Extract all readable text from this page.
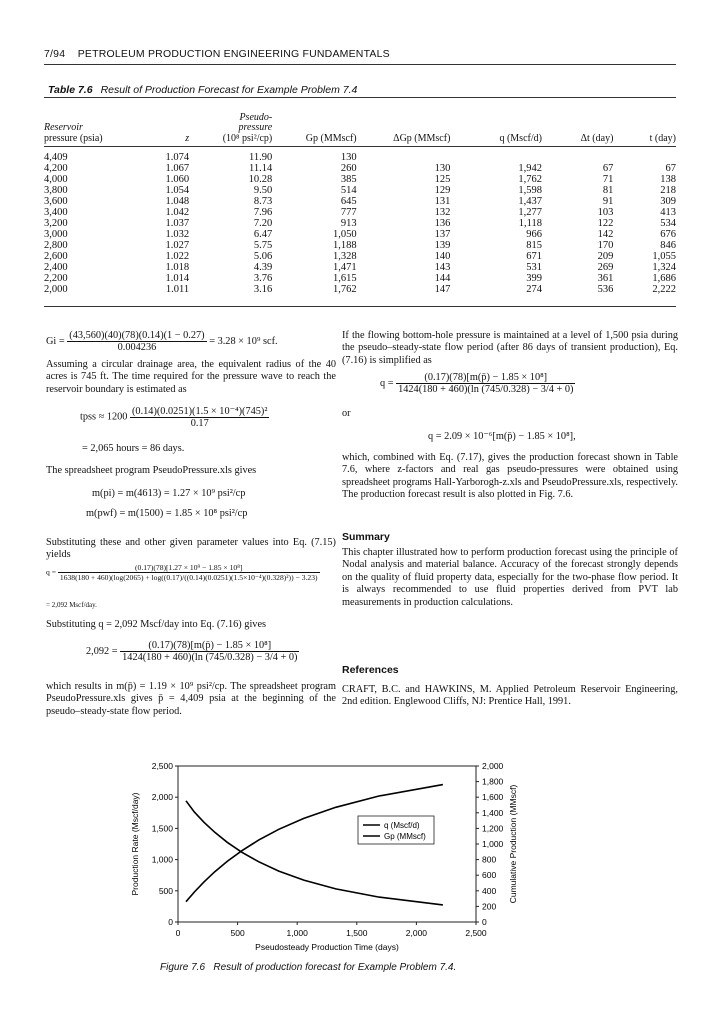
7/94    PETROLEUM PRODUCTION ENGINEERING FUNDAMENTALS
Table 7.6 Result of Production Forecast for Example Problem 7.4
Reservoir
pressure (psia)	z	Pseudo-
pressure
(10⁸ psi²/cp)	Gp (MMscf)	ΔGp (MMscf)	q (Mscf/d)	Δt (day)	t (day)

4,409	1.074	11.90	130				
4,200	1.067	11.14	260	130	1,942	67	67
4,000	1.060	10.28	385	125	1,762	71	138
3,800	1.054	9.50	514	129	1,598	81	218
3,600	1.048	8.73	645	131	1,437	91	309
3,400	1.042	7.96	777	132	1,277	103	413
3,200	1.037	7.20	913	136	1,118	122	534
3,000	1.032	6.47	1,050	137	966	142	676
2,800	1.027	5.75	1,188	139	815	170	846
2,600	1.022	5.06	1,328	140	671	209	1,055
2,400	1.018	4.39	1,471	143	531	269	1,324
2,200	1.014	3.76	1,615	144	399	361	1,686
2,000	1.011	3.16	1,762	147	274	536	2,222
$Gi = \frac{(43,560)(40)(78)(0.14)(1 - 0.27)}{0.004236} = 3.28 \times 10^9$ scf.
Assuming a circular drainage area, the equivalent radius of the 40 acres is 745 ft. The time required for the pressure wave to reach the reservoir boundary is estimated as
tpss ≈ $1200 \frac{\text{(0.14)(0.0251)(1.5 × 10⁻⁴)(745)²}}{0.17}$
= 2,065 hours = 86 days.
The spreadsheet program PseudoPressure.xls gives
m(pi) = m(4613) = 1.27 × 10⁹ psi²/cp
m(pwf) = m(1500) = 1.85 × 10⁸ psi²/cp
Substituting these and other given parameter values into Eq. (7.15) yields
q =	(0.17)(78)[1.27 × 10⁹ − 1.85 × 10⁸]
1638(180 + 460)(log(2065) + log((0.17)/((0.14)(0.0251)(1.5×10⁻⁴)(0.328)²)) − 3.23)
= 2,092 Mscf/day.
Substituting q = 2,092 Mscf/day into Eq. (7.16) gives
$2,092 = \frac{\text{(0.17)(78)[m(p̄) − 1.85 × 10⁸]}}{1424(180 + 460)(\ln (745/0.328) - 3/4 + 0)}$
which results in m(p̄) = 1.19 × 10⁹ psi²/cp. The spreadsheet program PseudoPressure.xls gives p̄ = 4,409 psia at the beginning of the pseudo–steady-state flow period.
If the flowing bottom-hole pressure is maintained at a level of 1,500 psia during the pseudo–steady-state flow period (after 86 days of transient production), Eq. (7.16) is simplified as
$q = \frac{\text{(0.17)(78)[m(p̄) − 1.85 × 10⁸]}}{1424(180 + 460)(\ln (745/0.328) - 3/4 + 0)}$
or
q = 2.09 × 10⁻⁶[m(p̄) − 1.85 × 10⁸],
which, combined with Eq. (7.17), gives the production forecast shown in Table 7.6, where z-factors and real gas pseudo-pressures were obtained using spreadsheet programs Hall-Yarborogh-z.xls and PseudoPressure.xls, respectively. The production forecast result is also plotted in Fig. 7.6.
Summary
This chapter illustrated how to perform production forecast using the principle of Nodal analysis and material balance. Accuracy of the forecast strongly depends on the quality of fluid property data, especially for the two-phase flow period. It is always recommended to use fluid properties derived from PVT lab measurements in production calculations.
References
CRAFT, B.C. and HAWKINS, M. Applied Petroleum Reservoir Engineering, 2nd edition. Englewood Cliffs, NJ: Prentice Hall, 1991.
0	500	1,000	1,500	2,000	2,500
0
500
1,000
1,500
2,000
2,500
0
200
400
600
800
1,000
1,200
1,400
1,600
1,800
2,000
Pseudosteady Production Time (days)
Production Rate (Mscf/day)	Cumulative Production (MMscf)
q (Mscf/d)
Gp (MMscf)
Figure 7.6   Result of production forecast for Example Problem 7.4.
